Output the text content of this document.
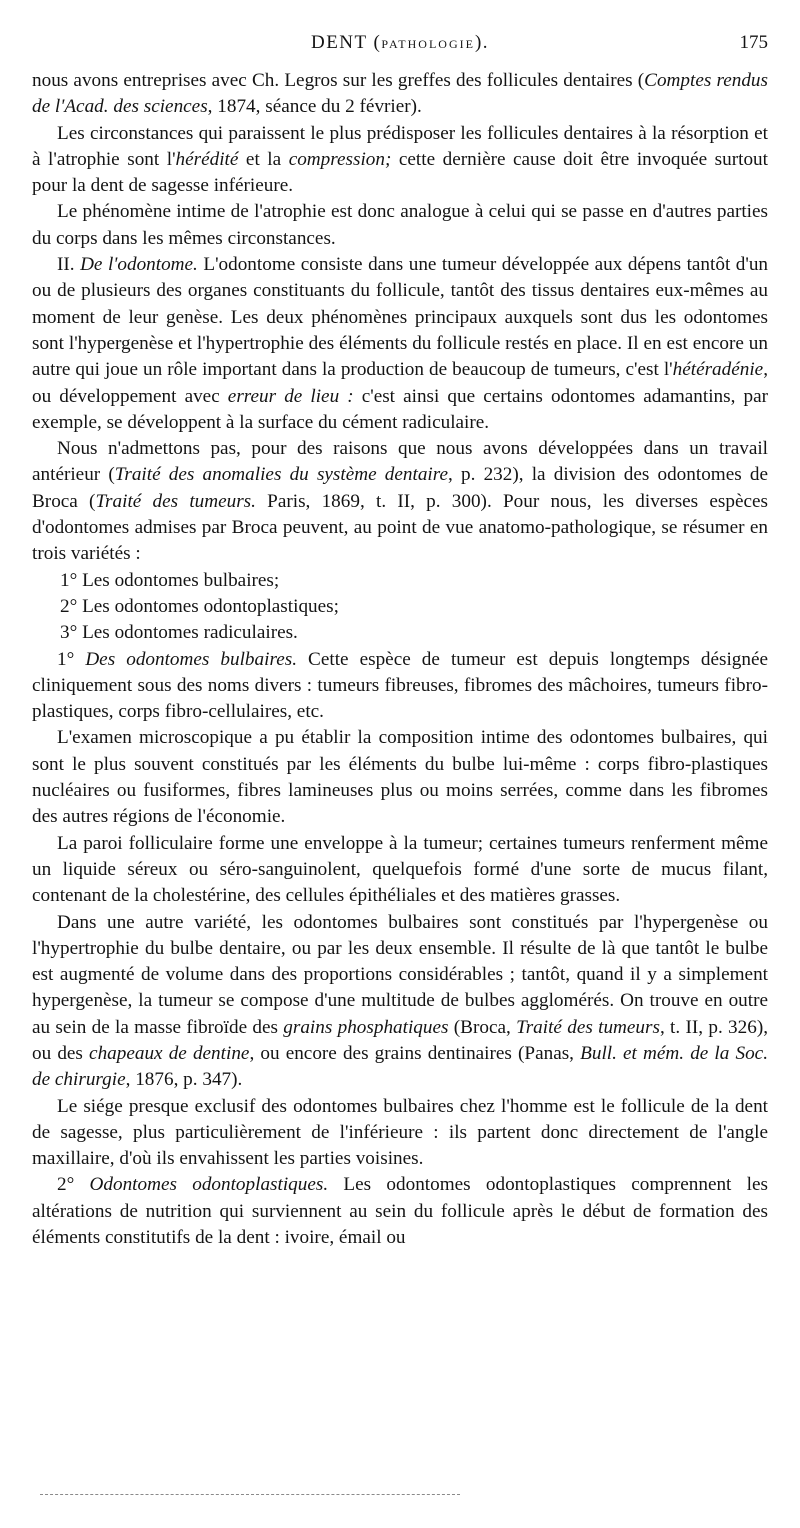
DENT (PATHOLOGIE).	175

nous avons entreprises avec Ch. Legros sur les greffes des follicules dentaires (Comptes rendus de l'Acad. des sciences, 1874, séance du 2 février).

Les circonstances qui paraissent le plus prédisposer les follicules dentaires à la résorption et à l'atrophie sont l'hérédité et la compression; cette dernière cause doit être invoquée surtout pour la dent de sagesse inférieure.

Le phénomène intime de l'atrophie est donc analogue à celui qui se passe en d'autres parties du corps dans les mêmes circonstances.

II. De l'odontome. L'odontome consiste dans une tumeur développée aux dépens tantôt d'un ou de plusieurs des organes constituants du follicule, tantôt des tissus dentaires eux-mêmes au moment de leur genèse. Les deux phénomènes principaux auxquels sont dus les odontomes sont l'hypergenèse et l'hypertrophie des éléments du follicule restés en place. Il en est encore un autre qui joue un rôle important dans la production de beaucoup de tumeurs, c'est l'hétéradénie, ou développement avec erreur de lieu : c'est ainsi que certains odontomes adamantins, par exemple, se développent à la surface du cément radiculaire.

Nous n'admettons pas, pour des raisons que nous avons développées dans un travail antérieur (Traité des anomalies du système dentaire, p. 232), la division des odontomes de Broca (Traité des tumeurs. Paris, 1869, t. II, p. 300). Pour nous, les diverses espèces d'odontomes admises par Broca peuvent, au point de vue anatomo-pathologique, se résumer en trois variétés :

1° Les odontomes bulbaires;
2° Les odontomes odontoplastiques;
3° Les odontomes radiculaires.

1° Des odontomes bulbaires. Cette espèce de tumeur est depuis longtemps désignée cliniquement sous des noms divers : tumeurs fibreuses, fibromes des mâchoires, tumeurs fibro-plastiques, corps fibro-cellulaires, etc.

L'examen microscopique a pu établir la composition intime des odontomes bulbaires, qui sont le plus souvent constitués par les éléments du bulbe lui-même : corps fibro-plastiques nucléaires ou fusiformes, fibres lamineuses plus ou moins serrées, comme dans les fibromes des autres régions de l'économie.

La paroi folliculaire forme une enveloppe à la tumeur; certaines tumeurs renferment même un liquide séreux ou séro-sanguinolent, quelquefois formé d'une sorte de mucus filant, contenant de la cholestérine, des cellules épithéliales et des matières grasses.

Dans une autre variété, les odontomes bulbaires sont constitués par l'hypergenèse ou l'hypertrophie du bulbe dentaire, ou par les deux ensemble. Il résulte de là que tantôt le bulbe est augmenté de volume dans des proportions considérables ; tantôt, quand il y a simplement hypergenèse, la tumeur se compose d'une multitude de bulbes agglomérés. On trouve en outre au sein de la masse fibroïde des grains phosphatiques (Broca, Traité des tumeurs, t. II, p. 326), ou des chapeaux de dentine, ou encore des grains dentinaires (Panas, Bull. et mém. de la Soc. de chirurgie, 1876, p. 347).

Le siége presque exclusif des odontomes bulbaires chez l'homme est le follicule de la dent de sagesse, plus particulièrement de l'inférieure : ils partent donc directement de l'angle maxillaire, d'où ils envahissent les parties voisines.

2° Odontomes odontoplastiques. Les odontomes odontoplastiques comprennent les altérations de nutrition qui surviennent au sein du follicule après le début de formation des éléments constitutifs de la dent : ivoire, émail ou
